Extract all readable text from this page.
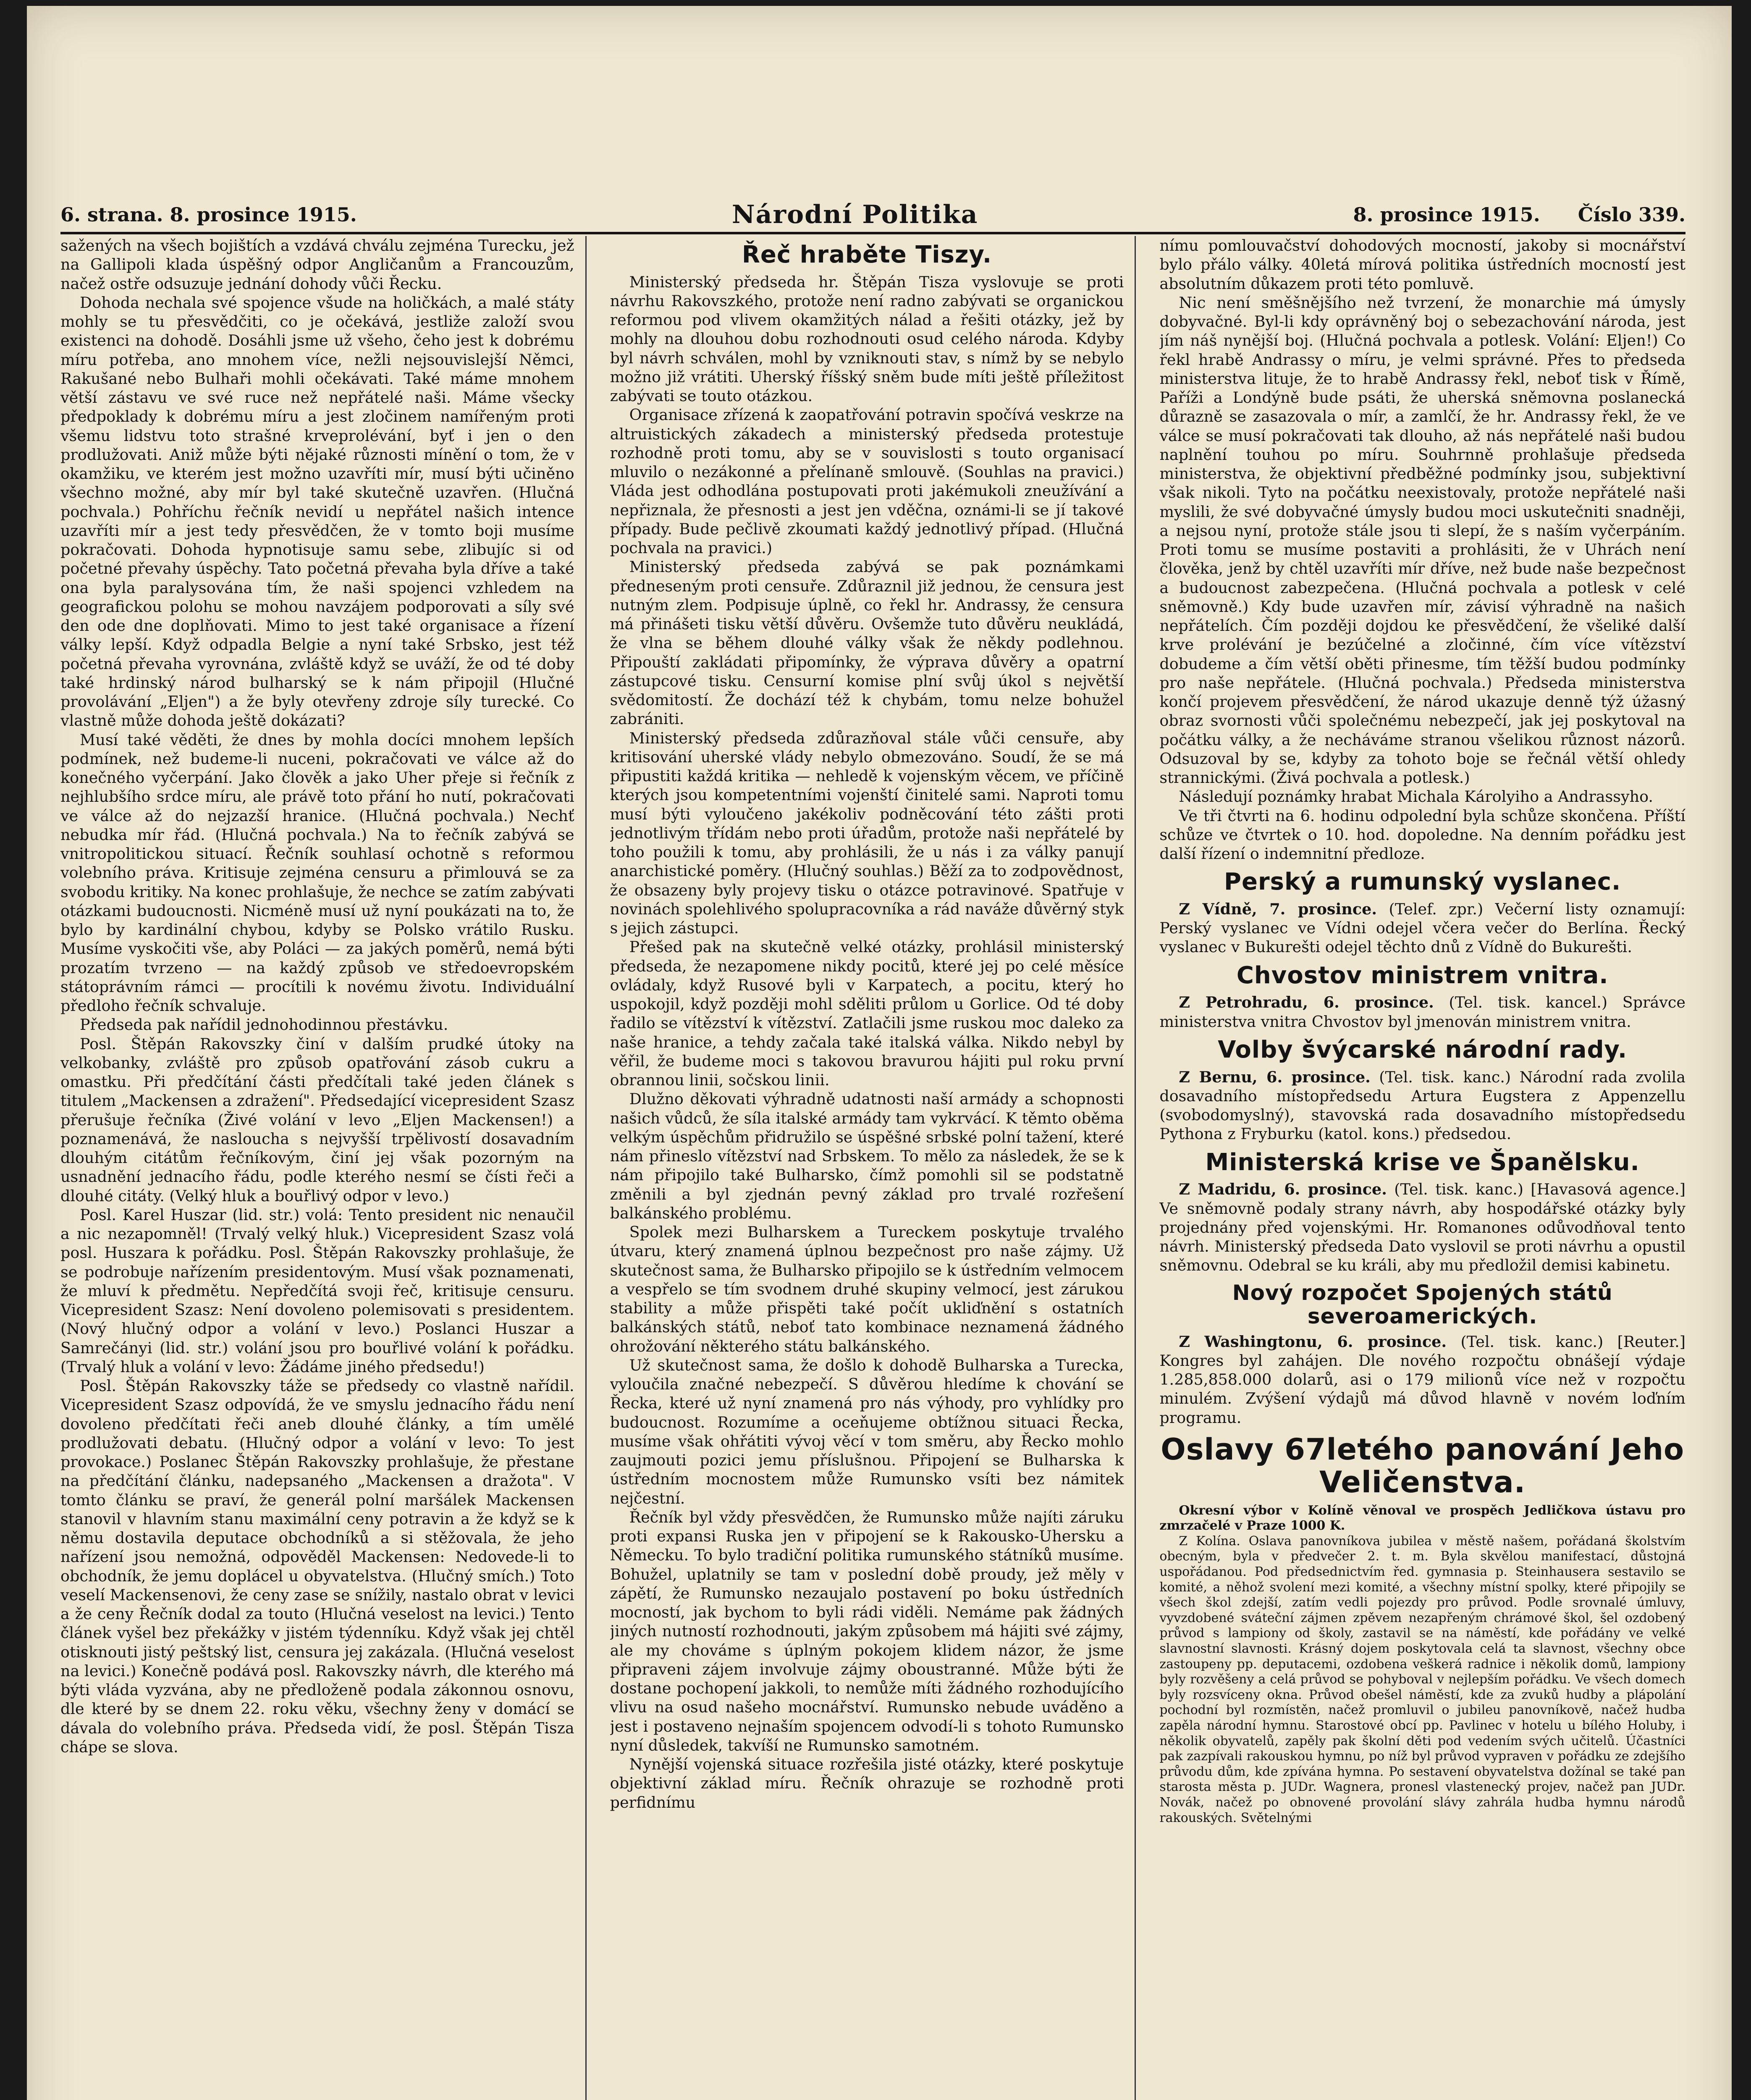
6. strana. 8. prosince 1915.	Národní Politika	8. prosince 1915. Číslo 339.

sažených na všech bojištích a vzdává chválu zejména Turecku, jež na Gallipoli klada úspěšný odpor Angličanům a Francouzům, načež ostře odsuzuje jednání dohody vůči Řecku.

Dohoda nechala své spojence všude na holičkách, a malé státy mohly se tu přesvědčiti, co je očekává, jestliže založí svou existenci na dohodě. Dosáhli jsme už všeho, čeho jest k dobrému míru potřeba, ano mnohem více, nežli nejsouvislejší Němci, Rakušané nebo Bulhaři mohli očekávati. Také máme mnohem větší zástavu ve své ruce než nepřátelé naši. Máme všecky předpoklady k dobrému míru a jest zločinem namířeným proti všemu lidstvu toto strašné krveprolévání, byť i jen o den prodlužovati. Aniž může býti nějaké různosti mínění o tom, že v okamžiku, ve kterém jest možno uzavříti mír, musí býti učiněno všechno možné, aby mír byl také skutečně uzavřen. (Hlučná pochvala.) Pohříchu řečník nevidí u nepřátel našich intence uzavříti mír a jest tedy přesvědčen, že v tomto boji musíme pokračovati. Dohoda hypnotisuje samu sebe, zlibujíc si od početné převahy úspěchy. Tato početná převaha byla dříve a také ona byla paralysována tím, že naši spojenci vzhledem na geografickou polohu se mohou navzájem podporovati a síly své den ode dne doplňovati. Mimo to jest také organisace a řízení války lepší. Když odpadla Belgie a nyní také Srbsko, jest též početná převaha vyrovnána, zvláště když se uváží, že od té doby také hrdinský národ bulharský se k nám připojil (Hlučné provolávání „Eljen") a že byly otevřeny zdroje síly turecké. Co vlastně může dohoda ještě dokázati?

Musí také věděti, že dnes by mohla docíci mnohem lepších podmínek, než budeme-li nuceni, pokračovati ve válce až do konečného vyčerpání. Jako člověk a jako Uher přeje si řečník z nejhlubšího srdce míru, ale právě toto přání ho nutí, pokračovati ve válce až do nejzazší hranice. (Hlučná pochvala.) Nechť nebudka mír řád. (Hlučná pochvala.) Na to řečník zabývá se vnitropolitickou situací. Řečník souhlasí ochotně s reformou volebního práva. Kritisuje zejména censuru a přimlouvá se za svobodu kritiky. Na konec prohlašuje, že nechce se zatím zabývati otázkami budoucnosti. Nicméně musí už nyní poukázati na to, že bylo by kardinální chybou, kdyby se Polsko vrátilo Rusku. Musíme vyskočiti vše, aby Poláci — za jakých poměrů, nemá býti prozatím tvrzeno — na každý způsob ve středoevropském státoprávním rámci — procítili k novému životu. Individuální předloho řečník schvaluje.

Předseda pak nařídil jednohodinnou přestávku.

Posl. Štěpán Rakovszky činí v dalším prudké útoky na velkobanky, zvláště pro způsob opatřování zásob cukru a omastku. Při předčítání části předčítali také jeden článek s titulem „Mackensen a zdražení". Předsedající vicepresident Szasz přerušuje řečníka (Živé volání v levo „Eljen Mackensen!) a poznamenává, že nasloucha s nejvyšší trpělivostí dosavadním dlouhým citátům řečníkovým, činí jej však pozorným na usnadnění jednacího řádu, podle kterého nesmí se čísti řeči a dlouhé citáty. (Velký hluk a bouřlivý odpor v levo.)

Posl. Karel Huszar (lid. str.) volá: Tento president nic nenaučil a nic nezapomněl! (Trvalý velký hluk.) Vicepresident Szasz volá posl. Huszara k pořádku. Posl. Štěpán Rakovszky prohlašuje, že se podrobuje nařízením presidentovým. Musí však poznamenati, že mluví k předmětu. Nepředčítá svoji řeč, kritisuje censuru. Vicepresident Szasz: Není dovoleno polemisovati s presidentem. (Nový hlučný odpor a volání v levo.) Poslanci Huszar a Samrečányi (lid. str.) volání jsou pro bouřlivé volání k pořádku. (Trvalý hluk a volání v levo: Žádáme jiného předsedu!)

Posl. Štěpán Rakovszky táže se předsedy co vlastně nařídil. Vicepresident Szasz odpovídá, že ve smyslu jednacího řádu není dovoleno předčítati řeči aneb dlouhé články, a tím umělé prodlužovati debatu. (Hlučný odpor a volání v levo: To jest provokace.) Poslanec Štěpán Rakovszky prohlašuje, že přestane na předčítání článku, nadepsaného „Mackensen a dražota". V tomto článku se praví, že generál polní maršálek Mackensen stanovil v hlavním stanu maximální ceny potravin a že když se k němu dostavila deputace obchodníků a si stěžovala, že jeho nařízení jsou nemožná, odpověděl Mackensen: Nedovede-li to obchodník, že jemu doplácel u obyvatelstva. (Hlučný smích.) Toto veselí Mackensenovi, že ceny zase se snížily, nastalo obrat v levici a že ceny Řečník dodal za touto (Hlučná veselost na levici.) Tento článek vyšel bez překážky v jistém týdenníku. Když však jej chtěl otisknouti jistý peštský list, censura jej zakázala. (Hlučná veselost na levici.) Konečně podává posl. Rakovszky návrh, dle kterého má býti vláda vyzvána, aby ne předloženě podala zákonnou osnovu, dle které by se dnem 22. roku věku, všechny ženy v domácí se dávala do volebního práva. Předseda vidí, že posl. Štěpán Tisza chápe se slova.

Řeč hraběte Tiszy.

Ministerský předseda hr. Štěpán Tisza vyslovuje se proti návrhu Rakovszkého, protože není radno zabývati se organickou reformou pod vlivem okamžitých nálad a řešiti otázky, jež by mohly na dlouhou dobu rozhodnouti osud celého národa. Kdyby byl návrh schválen, mohl by vzniknouti stav, s nímž by se nebylo možno již vrátiti. Uherský říšský sněm bude míti ještě příležitost zabývati se touto otázkou.

Organisace zřízená k zaopatřování potravin spočívá veskrze na altruistických zákadech a ministerský předseda protestuje rozhodně proti tomu, aby se v souvislosti s touto organisací mluvilo o nezákonné a přelínaně smlouvě. (Souhlas na pravici.) Vláda jest odhodlána postupovati proti jakémukoli zneužívání a nepřiznala, že přesnosti a jest jen vděčna, oznámi-li se jí takové případy. Bude pečlivě zkoumati každý jednotlivý případ. (Hlučná pochvala na pravici.)

Ministerský předseda zabývá se pak poznámkami předneseným proti censuře. Zdůraznil již jednou, že censura jest nutným zlem. Podpisuje úplně, co řekl hr. Andrassy, že censura má přinášeti tisku větší důvěru. Ovšemže tuto důvěru neukládá, že vlna se během dlouhé války však že někdy podlehnou. Připouští zakládati připomínky, že výprava důvěry a opatrní zástupcové tisku. Censurní komise plní svůj úkol s největší svědomitostí. Že dochází též k chybám, tomu nelze bohužel zabrániti.

Ministerský předseda zdůrazňoval stále vůči censuře, aby kritisování uherské vlády nebylo obmezováno. Soudí, že se má připustiti každá kritika — nehledě k vojenským věcem, ve příčině kterých jsou kompetentními vojenští činitelé sami. Naproti tomu musí býti vyloučeno jakékoliv podněcování této zášti proti jednotlivým třídám nebo proti úřadům, protože naši nepřátelé by toho použili k tomu, aby prohlásili, že u nás i za války panují anarchistické poměry. (Hlučný souhlas.) Běží za to zodpovědnost, že obsazeny byly projevy tisku o otázce potravinové. Spatřuje v novinách spolehlivého spolupracovníka a rád naváže důvěrný styk s jejich zástupci.

Přešed pak na skutečně velké otázky, prohlásil ministerský předseda, že nezapomene nikdy pocitů, které jej po celé měsíce ovládaly, když Rusové byli v Karpatech, a pocitu, který ho uspokojil, když později mohl sděliti průlom u Gorlice. Od té doby řadilo se vítězství k vítězství. Zatlačili jsme ruskou moc daleko za naše hranice, a tehdy začala také italská válka. Nikdo nebyl by věřil, že budeme moci s takovou bravurou hájiti pul roku první obrannou linii, sočskou linii.

Dlužno děkovati výhradně udatnosti naší armády a schopnosti našich vůdců, že síla italské armády tam vykrvácí. K těmto oběma velkým úspěchům přidružilo se úspěšné srbské polní tažení, které nám přineslo vítězství nad Srbskem. To mělo za následek, že se k nám připojilo také Bulharsko, čímž pomohli sil se podstatně změnili a byl zjednán pevný základ pro trvalé rozřešení balkánského problému.

Spolek mezi Bulharskem a Tureckem poskytuje trvalého útvaru, který znamená úplnou bezpečnost pro naše zájmy. Už skutečnost sama, že Bulharsko připojilo se k ústředním velmocem a vespřelo se tím svodnem druhé skupiny velmocí, jest zárukou stability a může přispěti také počít ukliďnění s ostatních balkánských států, neboť tato kombinace neznamená žádného ohrožování některého státu balkánského.

Už skutečnost sama, že došlo k dohodě Bulharska a Turecka, vyloučila značné nebezpečí. S důvěrou hledíme k chování se Řecka, které už nyní znamená pro nás výhody, pro vyhlídky pro budoucnost. Rozumíme a oceňujeme obtížnou situaci Řecka, musíme však ohřátiti vývoj věcí v tom směru, aby Řecko mohlo zaujmouti pozici jemu příslušnou. Připojení se Bulharska k ústředním mocnostem může Rumunsko vsíti bez námitek nejčestní.

Řečník byl vždy přesvědčen, že Rumunsko může najíti záruku proti expansi Ruska jen v připojení se k Rakousko-Uhersku a Německu. To bylo tradiční politika rumunského státníků musíme. Bohužel, uplatnily se tam v poslední době proudy, jež měly v zápětí, že Rumunsko nezaujalo postavení po boku ústředních mocností, jak bychom to byli rádi viděli. Nemáme pak žádných jiných nutností rozhodnouti, jakým způsobem má hájiti své zájmy, ale my chováme s úplným pokojem klidem názor, že jsme připraveni zájem involvuje zájmy oboustranné. Může býti že dostane pochopení jakkoli, to nemůže míti žádného rozhodujícího vlivu na osud našeho mocnářství. Rumunsko nebude uváděno a jest i postaveno nejnaším spojencem odvodí-li s tohoto Rumunsko nyní důsledek, takvíší ne Rumunsko samotném.

Nynější vojenská situace rozřešila jisté otázky, které poskytuje objektivní základ míru. Řečník ohrazuje se rozhodně proti perfidnímu

nímu pomlouvačství dohodových mocností, jakoby si mocnářství bylo přálo války. 40letá mírová politika ústředních mocností jest absolutním důkazem proti této pomluvě.

Nic není směšnějšího než tvrzení, že monarchie má úmysly dobyvačné. Byl-li kdy oprávněný boj o sebezachování národa, jest jím náš nynější boj. (Hlučná pochvala a potlesk. Volání: Eljen!) Co řekl hrabě Andrassy o míru, je velmi správné. Přes to předseda ministerstva lituje, že to hrabě Andrassy řekl, neboť tisk v Římě, Paříži a Londýně bude psáti, že uherská sněmovna poslanecká důrazně se zasazovala o mír, a zamlčí, že hr. Andrassy řekl, že ve válce se musí pokračovati tak dlouho, až nás nepřátelé naši budou naplnění touhou po míru. Souhrnně prohlašuje předseda ministerstva, že objektivní předběžné podmínky jsou, subjektivní však nikoli. Tyto na počátku neexistovaly, protože nepřátelé naši myslili, že své dobyvačné úmysly budou moci uskutečniti snadněji, a nejsou nyní, protože stále jsou ti slepí, že s naším vyčerpáním. Proti tomu se musíme postaviti a prohlásiti, že v Uhrách není člověka, jenž by chtěl uzavříti mír dříve, než bude naše bezpečnost a budoucnost zabezpečena. (Hlučná pochvala a potlesk v celé sněmovně.) Kdy bude uzavřen mír, závisí výhradně na našich nepřátelích. Čím později dojdou ke přesvědčení, že všeliké další krve prolévání je bezúčelné a zločinné, čím více vítězství dobudeme a čím větší oběti přinesme, tím těžší budou podmínky pro naše nepřátele. (Hlučná pochvala.) Předseda ministerstva končí projevem přesvědčení, že národ ukazuje denně týž úžasný obraz svornosti vůči společnému nebezpečí, jak jej poskytoval na počátku války, a že necháváme stranou všelikou různost názorů. Odsuzoval by se, kdyby za tohoto boje se řečnál větší ohledy strannickými. (Živá pochvala a potlesk.)

Následují poznámky hrabat Michala Károlyiho a Andrassyho.

Ve tři čtvrti na 6. hodinu odpolední byla schůze skončena. Příští schůze ve čtvrtek o 10. hod. dopoledne. Na denním pořádku jest další řízení o indemnitní předloze.

Perský a rumunský vyslanec.

Z Vídně, 7. prosince. (Telef. zpr.) Večerní listy oznamují: Perský vyslanec ve Vídni odejel včera večer do Berlína. Řecký vyslanec v Bukurešti odejel těchto dnů z Vídně do Bukurešti.

Chvostov ministrem vnitra.

Z Petrohradu, 6. prosince. (Tel. tisk. kancel.) Správce ministerstva vnitra Chvostov byl jmenován ministrem vnitra.

Volby švýcarské národní rady.

Z Bernu, 6. prosince. (Tel. tisk. kanc.) Národní rada zvolila dosavadního místopředsedu Artura Eugstera z Appenzellu (svobodomyslný), stavovská rada dosavadního místopředsedu Pythona z Fryburku (katol. kons.) předsedou.

Ministerská krise ve Španělsku.

Z Madridu, 6. prosince. (Tel. tisk. kanc.) [Havasová agence.] Ve sněmovně podaly strany návrh, aby hospodářské otázky byly projednány před vojenskými. Hr. Romanones odůvodňoval tento návrh. Ministerský předseda Dato vyslovil se proti návrhu a opustil sněmovnu. Odebral se ku králi, aby mu předložil demisi kabinetu.

Nový rozpočet Spojených států severoamerických.

Z Washingtonu, 6. prosince. (Tel. tisk. kanc.) [Reuter.] Kongres byl zahájen. Dle nového rozpočtu obnášejí výdaje 1.285,858.000 dolarů, asi o 179 milionů více než v rozpočtu minulém. Zvýšení výdajů má důvod hlavně v novém loďním programu.

Oslavy 67letého panování Jeho Veličenstva.

Okresní výbor v Kolíně věnoval ve prospěch Jedličkova ústavu pro zmrzačelé v Praze 1000 K.

Z Kolína. Oslava panovníkova jubilea v městě našem, pořádaná školstvím obecným, byla v předvečer 2. t. m. Byla skvělou manifestací, důstojná uspořádanou. Pod předsednictvím řed. gymnasia p. Steinhausera sestavilo se komité, a něhož svolení mezi komité, a všechny místní spolky, které připojily se všech škol zdejší, zatím vedli pojezdy pro průvod. Podle srovnalé úmluvy, vyvzdobené sváteční zájmen zpěvem nezapřeným chrámové škol, šel ozdobený průvod s lampiony od školy, zastavil se na náměstí, kde pořádány ve velké slavnostní slavnosti. Krásný dojem poskytovala celá ta slavnost, všechny obce zastoupeny pp. deputacemi, ozdobena veškerá radnice i několik domů, lampiony byly rozvěšeny a celá průvod se pohyboval v nejlepším pořádku. Ve všech domech byly rozsvíceny okna. Průvod obešel náměstí, kde za zvuků hudby a plápolání pochodní byl rozmístěn, načež promluvil o jubileu panovníkově, načež hudba zapěla národní hymnu. Starostové obcí pp. Pavlinec v hotelu u bílého Holuby, i několik obyvatelů, zapěly pak školní děti pod vedením svých učitelů. Účastníci pak zazpívali rakouskou hymnu, po níž byl průvod vypraven v pořádku ze zdejšího průvodu dům, kde zpívána hymna. Po sestavení obyvatelstva dožínal se také pan starosta města p. JUDr. Wagnera, pronesl vlastenecký projev, načež pan JUDr. Novák, načež po obnovené provolání slávy zahrála hudba hymnu národů rakouských. Světelnými
